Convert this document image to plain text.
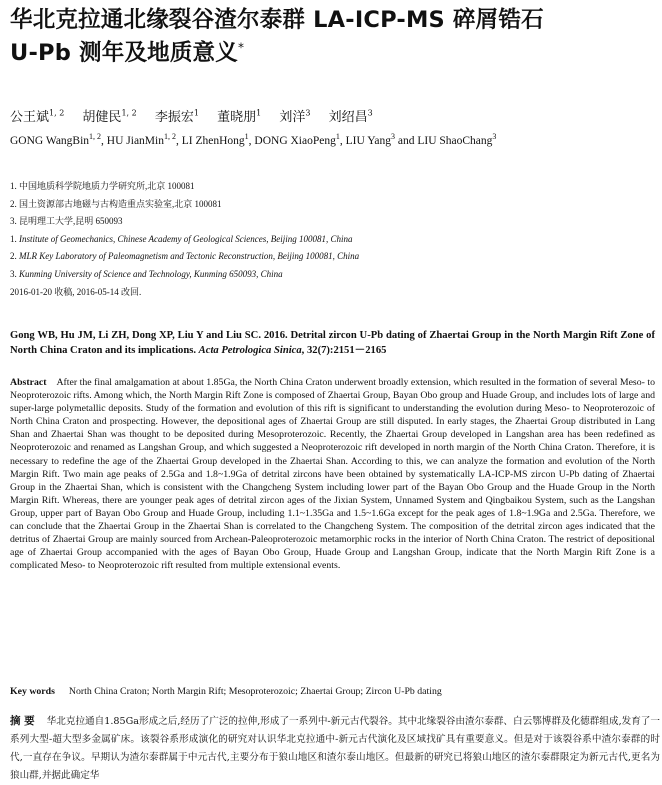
华北克拉通北缘裂谷渣尔泰群 LA-ICP-MS 碎屑锆石
U-Pb 测年及地质意义*
公王斌$^{1, 2}$ 胡健民$^{1, 2}$ 李振宏$^1$ 董晓朋$^1$ 刘洋$^3$ 刘绍昌$^3$
GONG WangBin$^{1, 2}$, HU JianMin$^{1, 2}$, LI ZhenHong$^1$, DONG XiaoPeng$^1$, LIU Yang$^3$ and LIU ShaoChang$^3$
1. 中国地质科学院地质力学研究所,北京 100081
2. 国土资源部古地磁与古构造重点实验室,北京 100081
3. 昆明理工大学,昆明 650093
1. Institute of Geomechanics, Chinese Academy of Geological Sciences, Beijing 100081, China
2. MLR Key Laboratory of Paleomagnetism and Tectonic Reconstruction, Beijing 100081, China
3. Kunming University of Science and Technology, Kunming 650093, China
2016-01-20 收稿, 2016-05-14 改回.
Gong WB, Hu JM, Li ZH, Dong XP, Liu Y and Liu SC. 2016. Detrital zircon U-Pb dating of Zhaertai Group in the North Margin Rift Zone of North China Craton and its implications. Acta Petrologica Sinica, 32(7):2151－2165
Abstract After the final amalgamation at about 1.85Ga, the North China Craton underwent broadly extension, which resulted in the formation of several Meso- to Neoproterozoic rifts. Among which, the North Margin Rift Zone is composed of Zhaertai Group, Bayan Obo group and Huade Group, and includes lots of large and super-large polymetallic deposits. Study of the formation and evolution of this rift is significant to understanding the evolution during Meso- to Neoproterozoic of North China Craton and prospecting. However, the depositional ages of Zhaertai Group are still disputed. In early stages, the Zhaertai Group distributed in Lang Shan and Zhaertai Shan was thought to be deposited during Mesoproterozoic. Recently, the Zhaertai Group developed in Langshan area has been redefined as Neoproterozoic and renamed as Langshan Group, and which suggested a Neoproterozoic rift developed in north margin of the North China Craton. Therefore, it is necessary to redefine the age of the Zhaertai Group developed in the Zhaertai Shan. According to this, we can analyze the formation and evolution of the North Margin Rift. Two main age peaks of 2.5Ga and 1.8~1.9Ga of detrital zircons have been obtained by systematically LA-ICP-MS zircon U-Pb dating of Zhaertai Group in the Zhaertai Shan, which is consistent with the Changcheng System including lower part of the Bayan Obo Group and the Huade Group in the North Margin Rift. Whereas, there are younger peak ages of detrital zircon ages of the Jixian System, Unnamed System and Qingbaikou System, such as the Langshan Group, upper part of Bayan Obo Group and Huade Group, including 1.1~1.35Ga and 1.5~1.6Ga except for the peak ages of 1.8~1.9Ga and 2.5Ga. Therefore, we can conclude that the Zhaertai Group in the Zhaertai Shan is correlated to the Changcheng System. The composition of the detrital zircon ages indicated that the detritus of Zhaertai Group are mainly sourced from Archean-Paleoproterozoic metamorphic rocks in the interior of North China Craton. The restrict of depositional age of Zhaertai Group accompanied with the ages of Bayan Obo Group, Huade Group and Langshan Group, indicate that the North Margin Rift Zone is a complicated Meso- to Neoproterozoic rift resulted from multiple extensional events.
Key words North China Craton; North Margin Rift; Mesoproterozoic; Zhaertai Group; Zircon U-Pb dating
摘 要 华北克拉通自1.85Ga形成之后,经历了广泛的拉伸,形成了一系列中-新元古代裂谷。其中北缘裂谷由渣尔泰群、白云鄂博群及化德群组成,发育了一系列大型-超大型多金属矿床。该裂谷系形成演化的研究对认识华北克拉通中-新元古代演化及区域找矿具有重要意义。但是对于该裂谷系中渣尔泰群的时代,一直存在争议。早期认为渣尔泰群属于中元古代,主要分布于狼山地区和渣尔泰山地区。但最新的研究已将狼山地区的渣尔泰群限定为新元古代,更名为狼山群,并据此确定华
